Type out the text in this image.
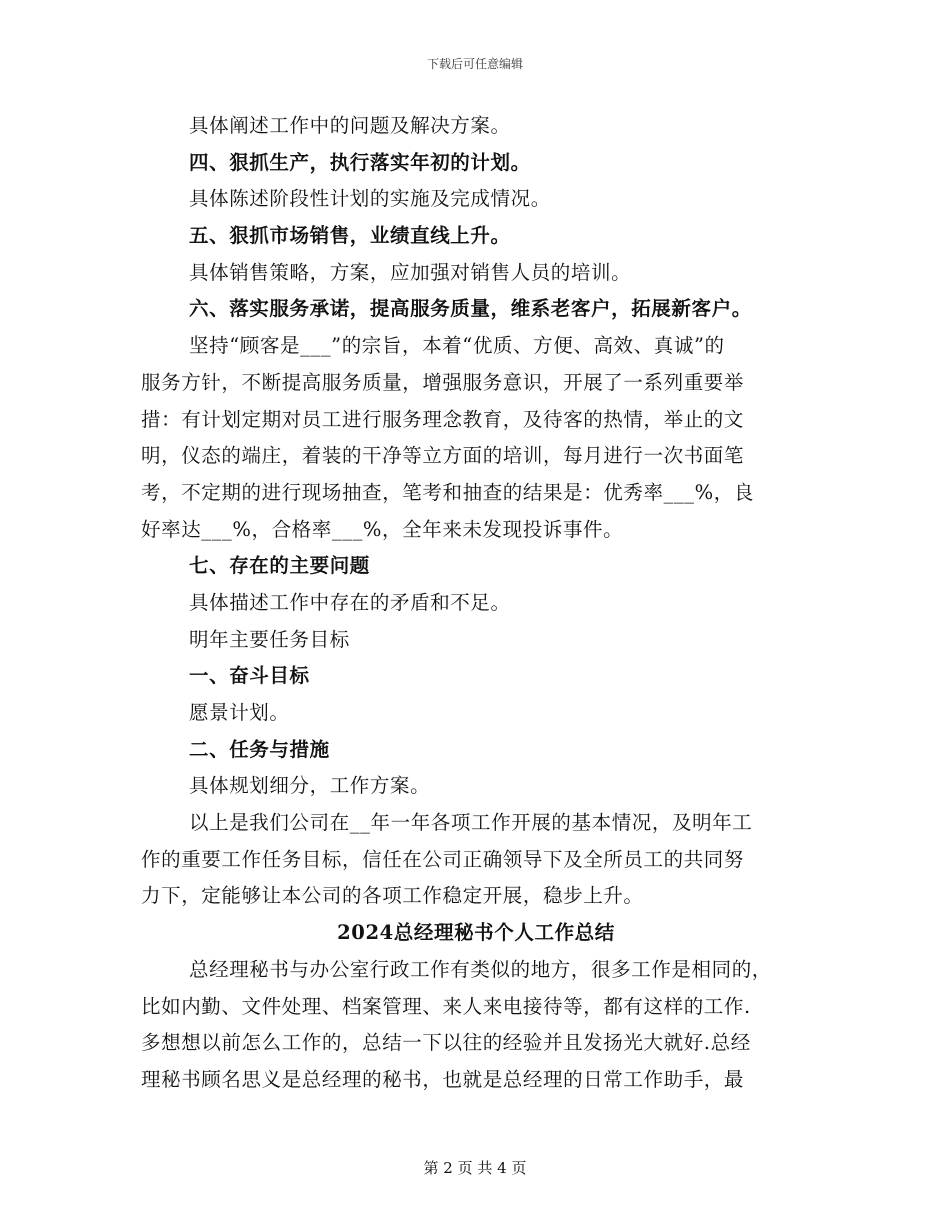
下载后可任意编辑
具体阐述工作中的问题及解决方案。
四、狠抓生产，执行落实年初的计划。
具体陈述阶段性计划的实施及完成情况。
五、狠抓市场销售，业绩直线上升。
具体销售策略，方案，应加强对销售人员的培训。
六、落实服务承诺，提高服务质量，维系老客户，拓展新客户。
坚持“顾客是___”的宗旨，本着“优质、方便、高效、真诚”的
服务方针，不断提高服务质量，增强服务意识，开展了一系列重要举
措：有计划定期对员工进行服务理念教育，及待客的热情，举止的文
明，仪态的端庄，着装的干净等立方面的培训，每月进行一次书面笔
考，不定期的进行现场抽查，笔考和抽查的结果是：优秀率___%，良
好率达___%，合格率___%，全年来未发现投诉事件。
七、存在的主要问题
具体描述工作中存在的矛盾和不足。
明年主要任务目标
一、奋斗目标
愿景计划。
二、任务与措施
具体规划细分，工作方案。
以上是我们公司在__年一年各项工作开展的基本情况，及明年工
作的重要工作任务目标，信任在公司正确领导下及全所员工的共同努
力下，定能够让本公司的各项工作稳定开展，稳步上升。
2024总经理秘书个人工作总结
总经理秘书与办公室行政工作有类似的地方，很多工作是相同的，
比如内勤、文件处理、档案管理、来人来电接待等，都有这样的工作.
多想想以前怎么工作的，总结一下以往的经验并且发扬光大就好.总经
理秘书顾名思义是总经理的秘书，也就是总经理的日常工作助手，最
第 2 页 共 4 页
